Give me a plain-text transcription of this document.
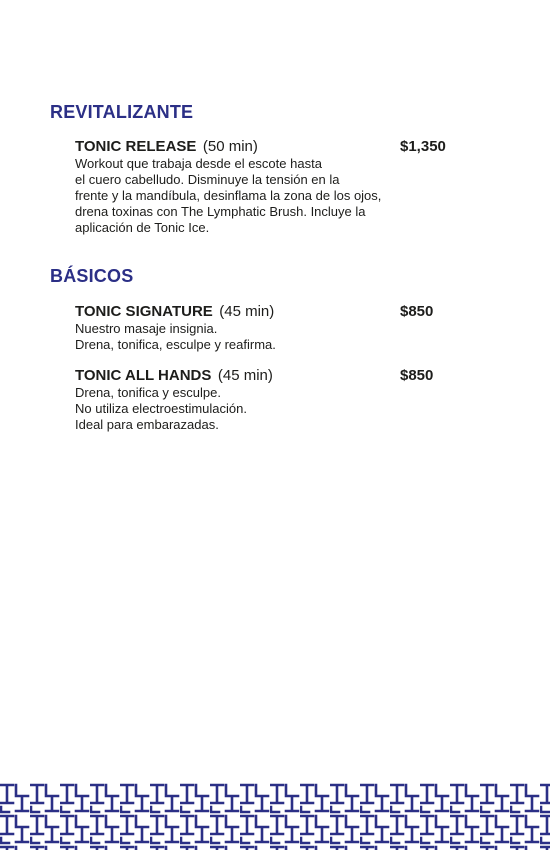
REVITALIZANTE
TONIC RELEASE (50 min)	$1,350
Workout que trabaja desde el escote hasta
el cuero cabelludo. Disminuye la tensión en la
frente y la mandíbula, desinflama la zona de los ojos,
drena toxinas con The Lymphatic Brush. Incluye la
aplicación de Tonic Ice.
BÁSICOS
TONIC SIGNATURE (45 min)	$850
Nuestro masaje insignia.
Drena, tonifica, esculpe y reafirma.
TONIC ALL HANDS (45 min)	$850
Drena, tonifica y esculpe.
No utiliza electroestimulación.
Ideal para embarazadas.
